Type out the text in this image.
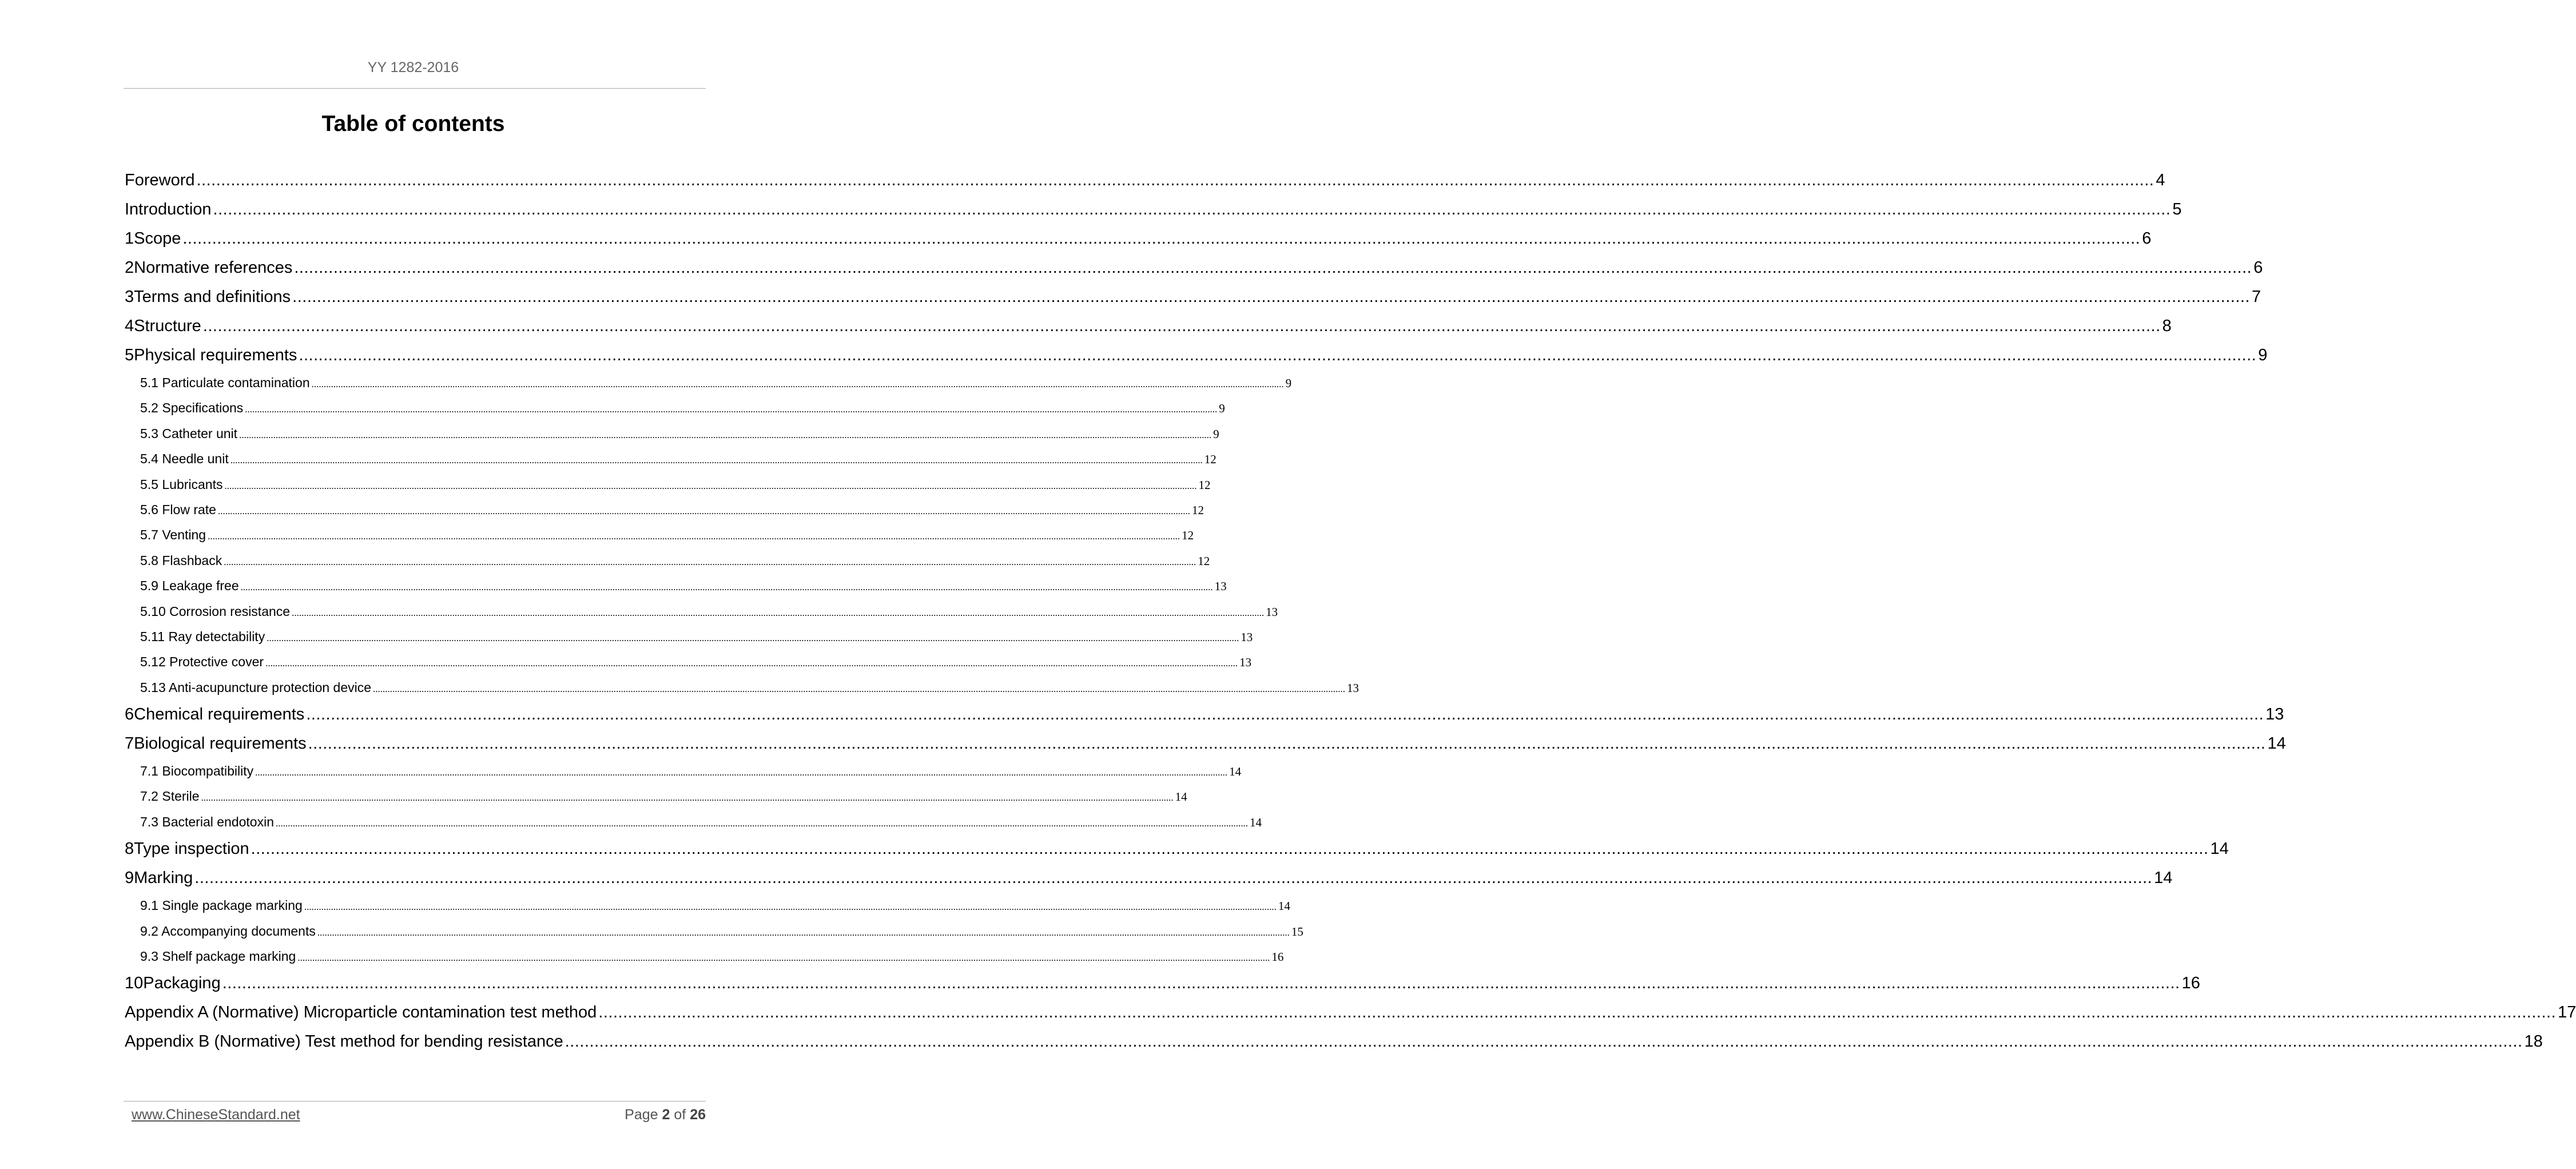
YY 1282-2016
Table of contents
Foreword ................................................................................................................................................................................................................................................................................................................................................................................................................ 4
Introduction ................................................................................................................................................................................................................................................................................................................................................................................................................ 5
1 Scope ................................................................................................................................................................................................................................................................................................................................................................................................................ 6
2 Normative references ................................................................................................................................................................................................................................................................................................................................................................................................................ 6
3 Terms and definitions ................................................................................................................................................................................................................................................................................................................................................................................................................ 7
4 Structure ................................................................................................................................................................................................................................................................................................................................................................................................................ 8
5 Physical requirements ................................................................................................................................................................................................................................................................................................................................................................................................................ 9
5.1 Particulate contamination ................................................................................................................................................................................................................................................................................................................................................................................................................ 9
5.2 Specifications ................................................................................................................................................................................................................................................................................................................................................................................................................ 9
5.3 Catheter unit ................................................................................................................................................................................................................................................................................................................................................................................................................ 9
5.4 Needle unit ................................................................................................................................................................................................................................................................................................................................................................................................................ 12
5.5 Lubricants ................................................................................................................................................................................................................................................................................................................................................................................................................ 12
5.6 Flow rate ................................................................................................................................................................................................................................................................................................................................................................................................................ 12
5.7 Venting ................................................................................................................................................................................................................................................................................................................................................................................................................ 12
5.8 Flashback ................................................................................................................................................................................................................................................................................................................................................................................................................ 12
5.9 Leakage free ................................................................................................................................................................................................................................................................................................................................................................................................................ 13
5.10 Corrosion resistance ................................................................................................................................................................................................................................................................................................................................................................................................................ 13
5.11 Ray detectability ................................................................................................................................................................................................................................................................................................................................................................................................................ 13
5.12 Protective cover ................................................................................................................................................................................................................................................................................................................................................................................................................ 13
5.13 Anti-acupuncture protection device ................................................................................................................................................................................................................................................................................................................................................................................................................ 13
6 Chemical requirements ................................................................................................................................................................................................................................................................................................................................................................................................................ 13
7 Biological requirements ................................................................................................................................................................................................................................................................................................................................................................................................................ 14
7.1 Biocompatibility ................................................................................................................................................................................................................................................................................................................................................................................................................ 14
7.2 Sterile ................................................................................................................................................................................................................................................................................................................................................................................................................ 14
7.3 Bacterial endotoxin ................................................................................................................................................................................................................................................................................................................................................................................................................ 14
8 Type inspection ................................................................................................................................................................................................................................................................................................................................................................................................................ 14
9 Marking ................................................................................................................................................................................................................................................................................................................................................................................................................ 14
9.1 Single package marking ................................................................................................................................................................................................................................................................................................................................................................................................................ 14
9.2 Accompanying documents ................................................................................................................................................................................................................................................................................................................................................................................................................ 15
9.3 Shelf package marking ................................................................................................................................................................................................................................................................................................................................................................................................................ 16
10 Packaging ................................................................................................................................................................................................................................................................................................................................................................................................................ 16
Appendix A (Normative) Microparticle contamination test method ................................................................................................................................................................................................................................................................................................................................................................................................................ 17
Appendix B (Normative) Test method for bending resistance ................................................................................................................................................................................................................................................................................................................................................................................................................ 18
www.ChineseStandard.net	Page 2 of 26
